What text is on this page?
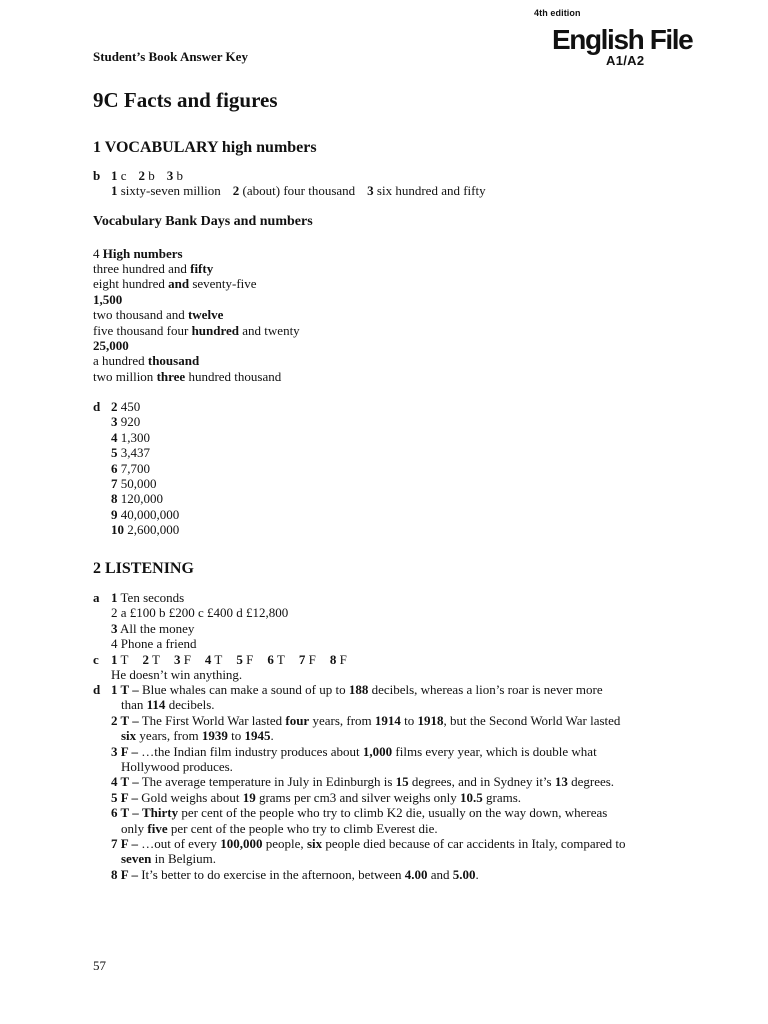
4th edition
English File
A1/A2
Student’s Book Answer Key
9C Facts and figures
1 VOCABULARY high numbers
b 1 c 2 b 3 b
1 sixty-seven million 2 (about) four thousand 3 six hundred and fifty
Vocabulary Bank Days and numbers
4 High numbers
three hundred and fifty
eight hundred and seventy-five
1,500
two thousand and twelve
five thousand four hundred and twenty
25,000
a hundred thousand
two million three hundred thousand
d 2 450
3 920
4 1,300
5 3,437
6 7,700
7 50,000
8 120,000
9 40,000,000
10 2,600,000
2 LISTENING
a 1 Ten seconds
2 a £100 b £200 c £400 d £12,800
3 All the money
4 Phone a friend
c 1 T 2 T 3 F 4 T 5 F 6 T 7 F 8 F
He doesn’t win anything.
d 1 T – Blue whales can make a sound of up to 188 decibels, whereas a lion’s roar is never more
than 114 decibels.
2 T – The First World War lasted four years, from 1914 to 1918, but the Second World War lasted
six years, from 1939 to 1945.
3 F – …the Indian film industry produces about 1,000 films every year, which is double what
Hollywood produces.
4 T – The average temperature in July in Edinburgh is 15 degrees, and in Sydney it’s 13 degrees.
5 F – Gold weighs about 19 grams per cm3 and silver weighs only 10.5 grams.
6 T – Thirty per cent of the people who try to climb K2 die, usually on the way down, whereas
only five per cent of the people who try to climb Everest die.
7 F – …out of every 100,000 people, six people died because of car accidents in Italy, compared to
seven in Belgium.
8 F – It’s better to do exercise in the afternoon, between 4.00 and 5.00.
57
